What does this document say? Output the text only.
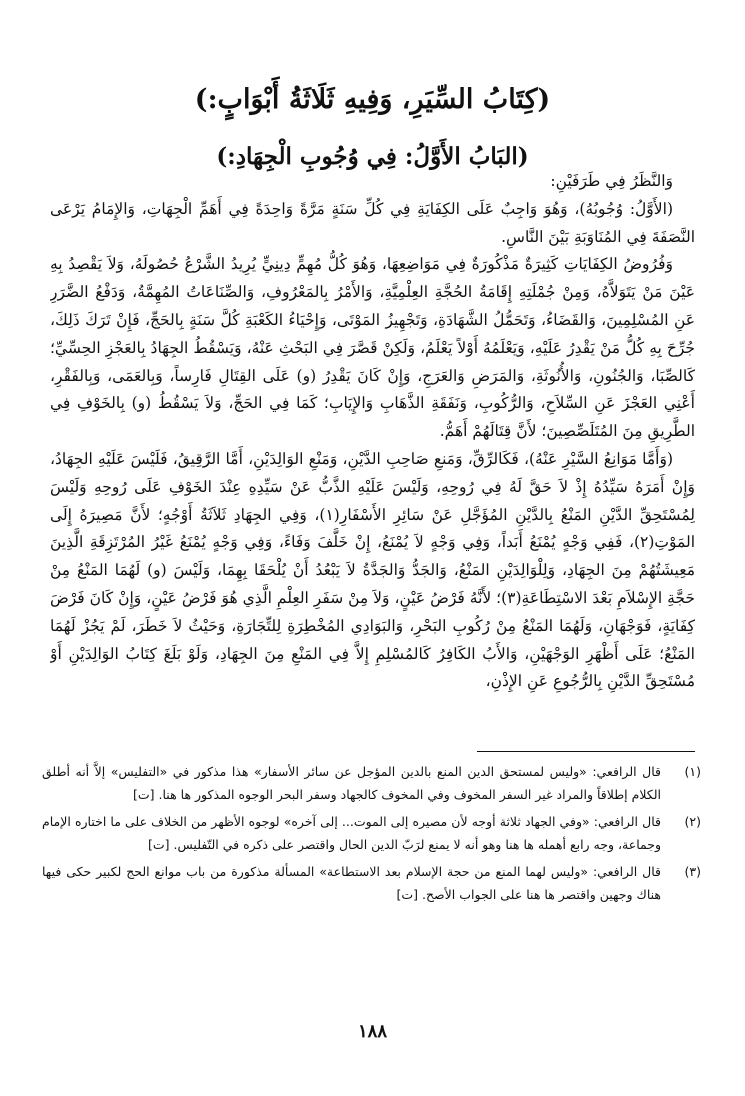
(كِتَابُ السِّيَرِ، وَفِيهِ ثَلَاثَةُ أَبْوَابٍ:)
(البَابُ الأَوَّلُ: فِي وُجُوبِ الْجِهَادِ:)

وَالنَّظَرُ فِي طَرَفَيْنِ:

(الأَوَّلُ: وُجُوبُهُ)، وَهُوَ وَاجِبٌ عَلَى الكِفَايَةِ فِي كُلِّ سَنَةٍ مَرَّةً وَاحِدَةً فِي أَهَمِّ الْجِهَاتِ، وَالإِمَامُ يَرْعَى النَّصَفَةَ فِي المُنَاوَبَةِ بَيْنَ النَّاسِ.

وَفُرُوضُ الكِفَايَاتِ كَثِيرَةٌ مَذْكُورَةٌ فِي مَوَاضِعِهَا، وَهُوَ كُلُّ مُهِمٍّ دِينِيٍّ يُرِيدُ الشَّرْعُ حُصُولَهُ، وَلاَ يَقْصِدُ بِهِ عَيْنَ مَنْ يَتَوَلاَّهُ، وَمِنْ جُمْلَتِهِ إِقَامَةُ الحُجَّةِ العِلْمِيَّةِ، وَالأَمْرُ بِالمَعْرُوفِ، وَالصِّنَاعَاتُ المُهِمَّةُ، وَدَفْعُ الضَّرَرِ عَنِ المُسْلِمِينَ، وَالقَضَاءُ، وَتَحَمُّلُ الشَّهَادَةِ، وَتَجْهِيزُ المَوْتَى، وَإِحْيَاءُ الكَعْبَةِ كُلَّ سَنَةٍ بِالحَجِّ، فَإِنْ تَرَكَ ذَلِكَ، جُرِّحَ بِهِ كُلُّ مَنْ يَقْدِرُ عَلَيْهِ، وَيَعْلَمُهُ أَوْلاً يَعْلَمُ، وَلَكِنْ قَصَّرَ فِي البَحْثِ عَنْهُ، وَيَسْقُطُ الجِهَادُ بِالعَجْزِ الحِسِّيِّ؛ كَالصِّبَا، وَالجُنُونِ، وَالأُنُوثَةِ، وَالمَرَضِ وَالعَرَجِ، وَإِنْ كَانَ يَقْدِرُ (و) عَلَى القِتَالِ فَارِساً، وَبِالعَمَى، وَبِالفَقْرِ، أَعْنِي العَجْزَ عَنِ السِّلاَحِ، وَالرُّكُوبِ، وَنَفَقَةِ الذَّهَابِ وَالإِيَابِ؛ كَمَا فِي الحَجِّ، وَلاَ يَسْقُطُ (و) بِالخَوْفِ فِي الطَّرِيقِ مِنَ المُتَلَصِّصِينَ؛ لأَنَّ قِتَالَهُمْ أَهَمُّ.

(وَأَمَّا مَوَانِعُ السَّيْرِ عَنْهُ)، فَكَالرِّقِّ، وَمَنعِ صَاحِبِ الدَّيْنِ، وَمَنْعِ الوَالِدَيْنِ، أَمَّا الرَّقِيقُ، فَلَيْسَ عَلَيْهِ الجِهَادُ، وَإِنْ أَمَرَهُ سَيِّدُهُ إِذْ لاَ حَقَّ لَهُ فِي رُوحِهِ، وَلَيْسَ عَلَيْهِ الذَّبُّ عَنْ سَيِّدِهِ عِنْدَ الخَوْفِ عَلَى رُوحِهِ وَلَيْسَ لِمُسْتَحِقِّ الدَّيْنِ المَنْعُ بِالدَّيْنِ المُؤَجَّلِ عَنْ سَائِرِ الأَسْفَارِ(١)، وَفِي الجِهَادِ ثَلاَثَةُ أَوْجُهٍ؛ لأَنَّ مَصِيرَهُ إِلَى المَوْتِ(٢)، فَفِي وَجْهٍ يُمْنَعُ أَبَداً، وَفِي وَجْهٍ لاَ يُمْنَعُ، إِنْ خَلَّفَ وَفَاءً، وَفِي وَجْهٍ يُمْنَعُ غَيْرُ المُرْتَزِقَةِ الَّذِينَ مَعِيشَتُهُمْ مِنَ الجِهَادِ، وَلِلْوَالِدَيْنِ المَنْعُ، وَالجَدُّ وَالجَدَّةُ لاَ يَبْعُدُ أَنْ يُلْحَقَا بِهِمَا، وَلَيْسَ (و) لَهُمَا المَنْعُ مِنْ حَجَّةِ الإِسْلاَمِ بَعْدَ الاسْتِطَاعَةِ(٣)؛ لأَنَّهُ فَرْضُ عَيْنٍ، وَلاَ مِنْ سَفَرِ العِلْمِ الَّذِي هُوَ فَرْضُ عَيْنٍ، وَإِنْ كَانَ فَرْضَ كِفَايَةٍ، فَوَجْهَانِ، وَلَهُمَا المَنْعُ مِنْ رُكُوبِ البَحْرِ، وَالبَوَادِي المُخْطِرَةِ لِلتِّجَارَةِ، وَحَيْثُ لاَ خَطَرَ، لَمْ يَجُزْ لَهُمَا المَنْعُ؛ عَلَى أَظْهَرِ الوَجْهَيْنِ، وَالأَبُ الكَافِرُ كَالمُسْلِمِ إِلاَّ فِي المَنْعِ مِنَ الجِهَادِ، وَلَوْ بَلَغَ كِتَابُ الوَالِدَيْنِ أَوْ مُسْتَحِقِّ الدَّيْنِ بِالرُّجُوعِ عَنِ الإِذْنِ،

(١)
قال الرافعي: «وليس لمستحق الدين المنع بالدين المؤجل عن سائر الأسفار» هذا مذكور في «التفليس» إلاَّ أنه أطلق الكلام إطلاقاً والمراد غير السفر المخوف وفي المخوف كالجهاد وسفر البحر الوجوه المذكور ها هنا. [ت]
(٢)
قال الرافعي: «وفي الجهاد ثلاثة أوجه لأن مصيره إلى الموت... إلى آخره» لوجوه الأظهر من الخلاف على ما اختاره الإمام وجماعة، وجه رابع أهمله ها هنا وهو أنه لا يمنع لرَبّ الدين الحال واقتصر على ذكره في التّفليس. [ت]
(٣)
قال الرافعي: «وليس لهما المنع من حجة الإسلام بعد الاستطاعة» المسألة مذكورة من باب موانع الحج لكبير حكى فيها هناك وجهين واقتصر ها هنا على الجواب الأصح. [ت]
١٨٨
